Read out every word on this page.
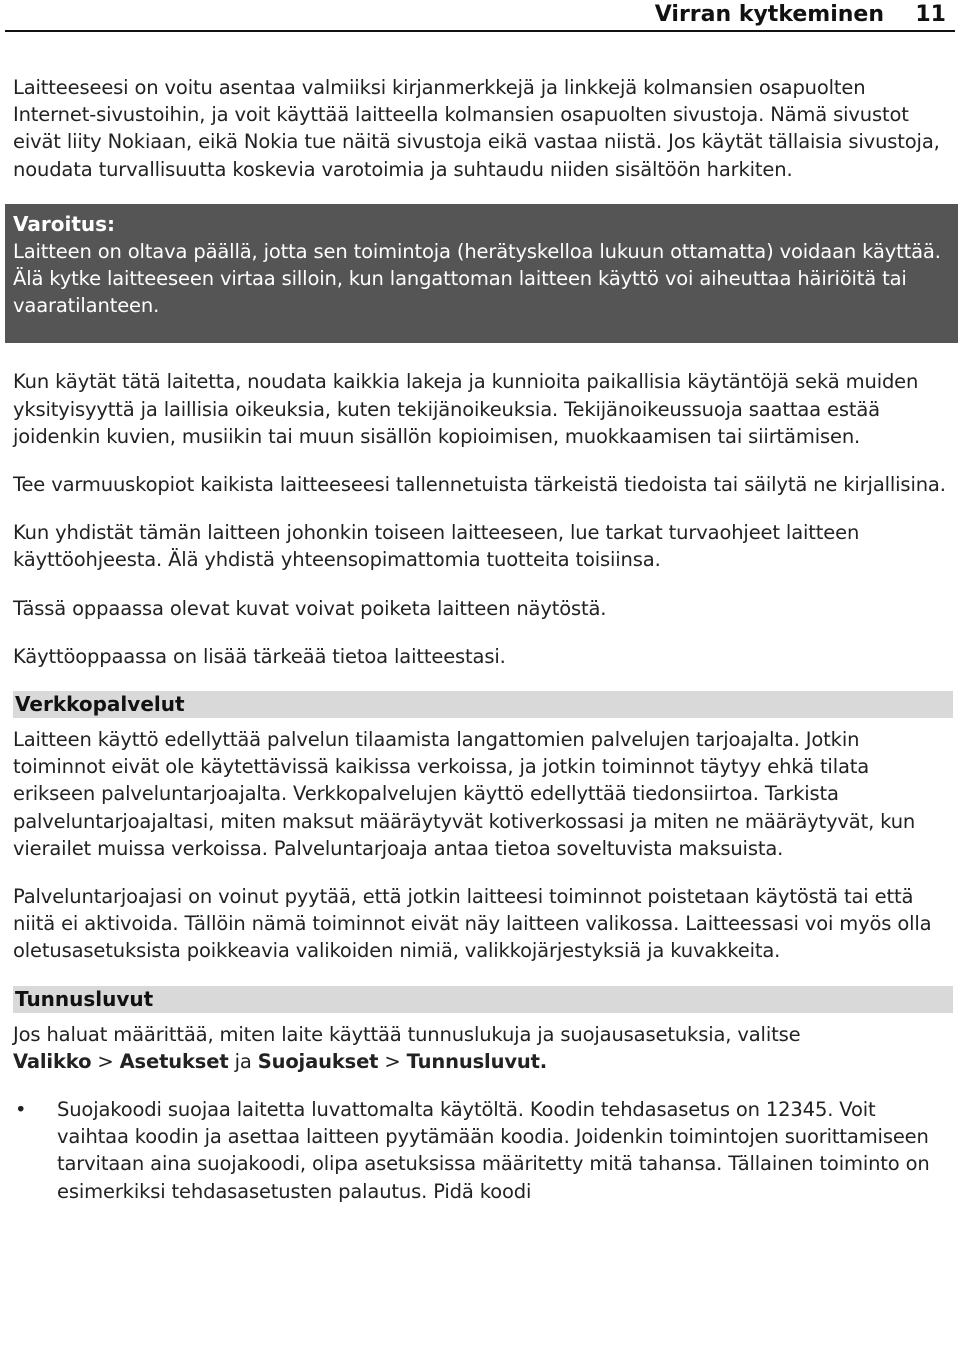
Virran kytkeminen 11

Laitteeseesi on voitu asentaa valmiiksi kirjanmerkkejä ja linkkejä kolmansien osapuolten Internet-sivustoihin, ja voit käyttää laitteella kolmansien osapuolten sivustoja. Nämä sivustot eivät liity Nokiaan, eikä Nokia tue näitä sivustoja eikä vastaa niistä. Jos käytät tällaisia sivustoja, noudata turvallisuutta koskevia varotoimia ja suhtaudu niiden sisältöön harkiten.

Varoitus:
Laitteen on oltava päällä, jotta sen toimintoja (herätyskelloa lukuun ottamatta) voidaan käyttää. Älä kytke laitteeseen virtaa silloin, kun langattoman laitteen käyttö voi aiheuttaa häiriöitä tai vaaratilanteen.

Kun käytät tätä laitetta, noudata kaikkia lakeja ja kunnioita paikallisia käytäntöjä sekä muiden yksityisyyttä ja laillisia oikeuksia, kuten tekijänoikeuksia. Tekijänoikeussuoja saattaa estää joidenkin kuvien, musiikin tai muun sisällön kopioimisen, muokkaamisen tai siirtämisen.

Tee varmuuskopiot kaikista laitteeseesi tallennetuista tärkeistä tiedoista tai säilytä ne kirjallisina.

Kun yhdistät tämän laitteen johonkin toiseen laitteeseen, lue tarkat turvaohjeet laitteen käyttöohjeesta. Älä yhdistä yhteensopimattomia tuotteita toisiinsa.

Tässä oppaassa olevat kuvat voivat poiketa laitteen näytöstä.

Käyttöoppaassa on lisää tärkeää tietoa laitteestasi.

Verkkopalvelut

Laitteen käyttö edellyttää palvelun tilaamista langattomien palvelujen tarjoajalta. Jotkin toiminnot eivät ole käytettävissä kaikissa verkoissa, ja jotkin toiminnot täytyy ehkä tilata erikseen palveluntarjoajalta. Verkkopalvelujen käyttö edellyttää tiedonsiirtoa. Tarkista palveluntarjoajaltasi, miten maksut määräytyvät kotiverkossasi ja miten ne määräytyvät, kun vierailet muissa verkoissa. Palveluntarjoaja antaa tietoa soveltuvista maksuista.

Palveluntarjoajasi on voinut pyytää, että jotkin laitteesi toiminnot poistetaan käytöstä tai että niitä ei aktivoida. Tällöin nämä toiminnot eivät näy laitteen valikossa. Laitteessasi voi myös olla oletusasetuksista poikkeavia valikoiden nimiä, valikkojärjestyksiä ja kuvakkeita.

Tunnusluvut

Jos haluat määrittää, miten laite käyttää tunnuslukuja ja suojausasetuksia, valitse
Valikko > Asetukset ja Suojaukset > Tunnusluvut.

• Suojakoodi suojaa laitetta luvattomalta käytöltä. Koodin tehdasasetus on 12345. Voit vaihtaa koodin ja asettaa laitteen pyytämään koodia. Joidenkin toimintojen suorittamiseen tarvitaan aina suojakoodi, olipa asetuksissa määritetty mitä tahansa. Tällainen toiminto on esimerkiksi tehdasasetusten palautus. Pidä koodi
